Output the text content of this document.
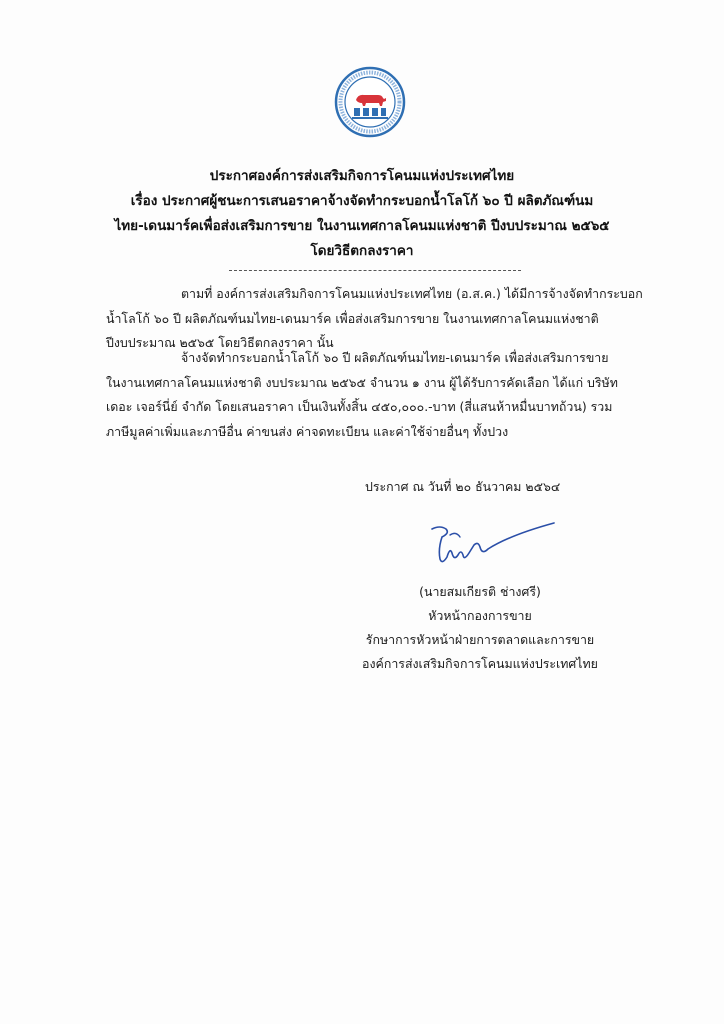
ประกาศองค์การส่งเสริมกิจการโคนมแห่งประเทศไทย
เรื่อง ประกาศผู้ชนะการเสนอราคาจ้างจัดทำกระบอกน้ำโลโก้ ๖๐ ปี ผลิตภัณฑ์นม
ไทย-เดนมาร์คเพื่อส่งเสริมการขาย ในงานเทศกาลโคนมแห่งชาติ ปีงบประมาณ ๒๕๖๕
โดยวิธีตกลงราคา
ตามที่ องค์การส่งเสริมกิจการโคนมแห่งประเทศไทย (อ.ส.ค.) ได้มีการจ้างจัดทำกระบอก
น้ำโลโก้ ๖๐ ปี ผลิตภัณฑ์นมไทย-เดนมาร์ค เพื่อส่งเสริมการขาย ในงานเทศกาลโคนมแห่งชาติ
ปีงบประมาณ ๒๕๖๕ โดยวิธีตกลงราคา นั้น
จ้างจัดทำกระบอกน้ำโลโก้ ๖๐ ปี ผลิตภัณฑ์นมไทย-เดนมาร์ค เพื่อส่งเสริมการขาย
ในงานเทศกาลโคนมแห่งชาติ งบประมาณ ๒๕๖๕ จำนวน ๑ งาน ผู้ได้รับการคัดเลือก ได้แก่ บริษัท
เดอะ เจอร์นี่ย์ จำกัด โดยเสนอราคา เป็นเงินทั้งสิ้น ๔๕๐,๐๐๐.-บาท (สี่แสนห้าหมื่นบาทถ้วน) รวม
ภาษีมูลค่าเพิ่มและภาษีอื่น ค่าขนส่ง ค่าจดทะเบียน และค่าใช้จ่ายอื่นๆ ทั้งปวง
ประกาศ ณ วันที่ ๒๐ ธันวาคม ๒๕๖๔
(นายสมเกียรติ ช่างศรี)
หัวหน้ากองการขาย
รักษาการหัวหน้าฝ่ายการตลาดและการขาย
องค์การส่งเสริมกิจการโคนมแห่งประเทศไทย
